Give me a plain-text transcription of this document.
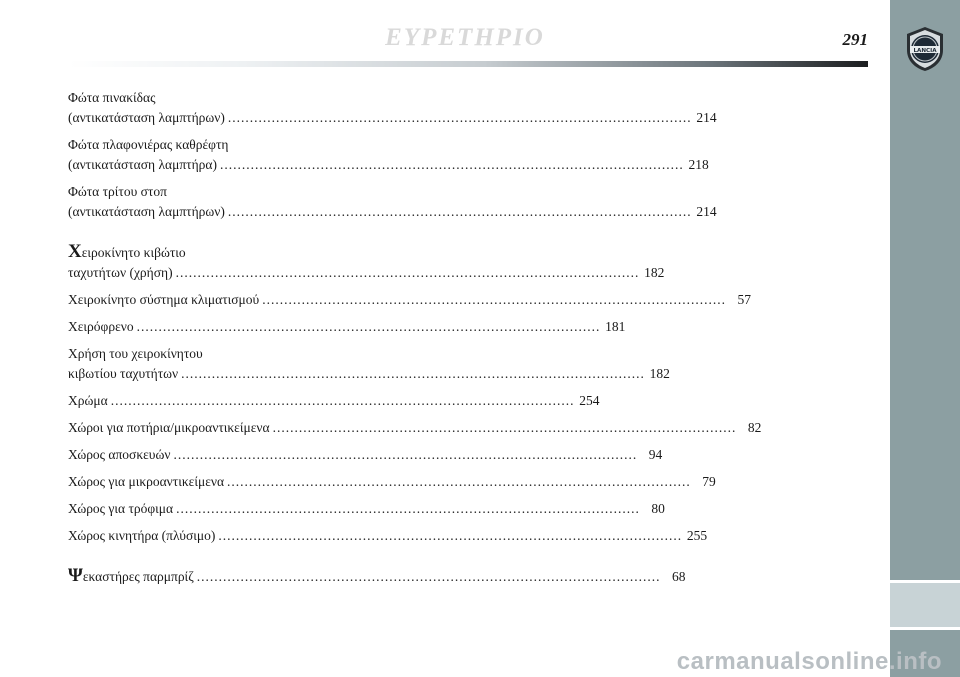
ΕΥΡΕΤΗΡΙΟ	291
LANCIA
Φώτα πινακίδας
(αντικατάσταση λαμπτήρων) .......................................................................................................... 214
Φώτα πλαφονιέρας καθρέφτη
(αντικατάσταση λαμπτήρα) .......................................................................................................... 218
Φώτα τρίτου στοπ
(αντικατάσταση λαμπτήρων) .......................................................................................................... 214
Χειροκίνητο κιβώτιο
ταχυτήτων (χρήση) .......................................................................................................... 182
Χειροκίνητο σύστημα κλιματισμού .......................................................................................................... 57
Χειρόφρενο .......................................................................................................... 181
Χρήση του χειροκίνητου
κιβωτίου ταχυτήτων .......................................................................................................... 182
Χρώμα .......................................................................................................... 254
Χώροι για ποτήρια/μικροαντικείμενα .......................................................................................................... 82
Χώρος αποσκευών .......................................................................................................... 94
Χώρος για μικροαντικείμενα .......................................................................................................... 79
Χώρος για τρόφιμα .......................................................................................................... 80
Χώρος κινητήρα (πλύσιμο) .......................................................................................................... 255
Ψεκαστήρες παρμπρίζ .......................................................................................................... 68
carmanualsonline.info
